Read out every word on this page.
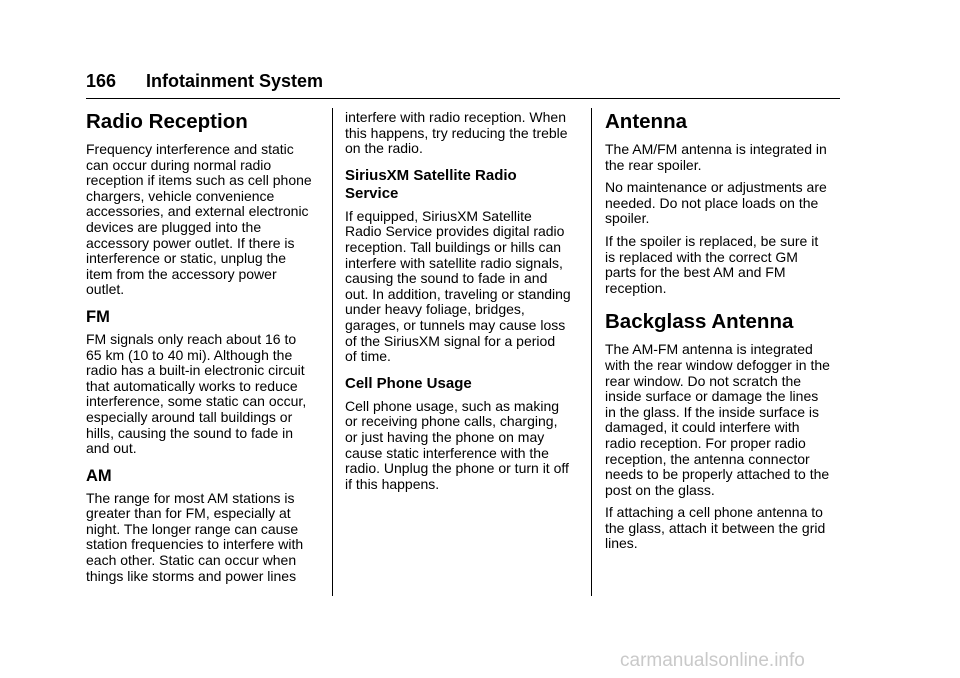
166 Infotainment System
Radio Reception

Frequency interference and static
can occur during normal radio
reception if items such as cell phone
chargers, vehicle convenience
accessories, and external electronic
devices are plugged into the
accessory power outlet. If there is
interference or static, unplug the
item from the accessory power
outlet.

FM

FM signals only reach about 16 to
65 km (10 to 40 mi). Although the
radio has a built-in electronic circuit
that automatically works to reduce
interference, some static can occur,
especially around tall buildings or
hills, causing the sound to fade in
and out.

AM

The range for most AM stations is
greater than for FM, especially at
night. The longer range can cause
station frequencies to interfere with
each other. Static can occur when
things like storms and power lines

interfere with radio reception. When
this happens, try reducing the treble
on the radio.

SiriusXM Satellite Radio
Service

If equipped, SiriusXM Satellite
Radio Service provides digital radio
reception. Tall buildings or hills can
interfere with satellite radio signals,
causing the sound to fade in and
out. In addition, traveling or standing
under heavy foliage, bridges,
garages, or tunnels may cause loss
of the SiriusXM signal for a period
of time.

Cell Phone Usage

Cell phone usage, such as making
or receiving phone calls, charging,
or just having the phone on may
cause static interference with the
radio. Unplug the phone or turn it off
if this happens.

Antenna

The AM/FM antenna is integrated in
the rear spoiler.

No maintenance or adjustments are
needed. Do not place loads on the
spoiler.

If the spoiler is replaced, be sure it
is replaced with the correct GM
parts for the best AM and FM
reception.

Backglass Antenna

The AM-FM antenna is integrated
with the rear window defogger in the
rear window. Do not scratch the
inside surface or damage the lines
in the glass. If the inside surface is
damaged, it could interfere with
radio reception. For proper radio
reception, the antenna connector
needs to be properly attached to the
post on the glass.

If attaching a cell phone antenna to
the glass, attach it between the grid
lines.

carmanualsonline.info
